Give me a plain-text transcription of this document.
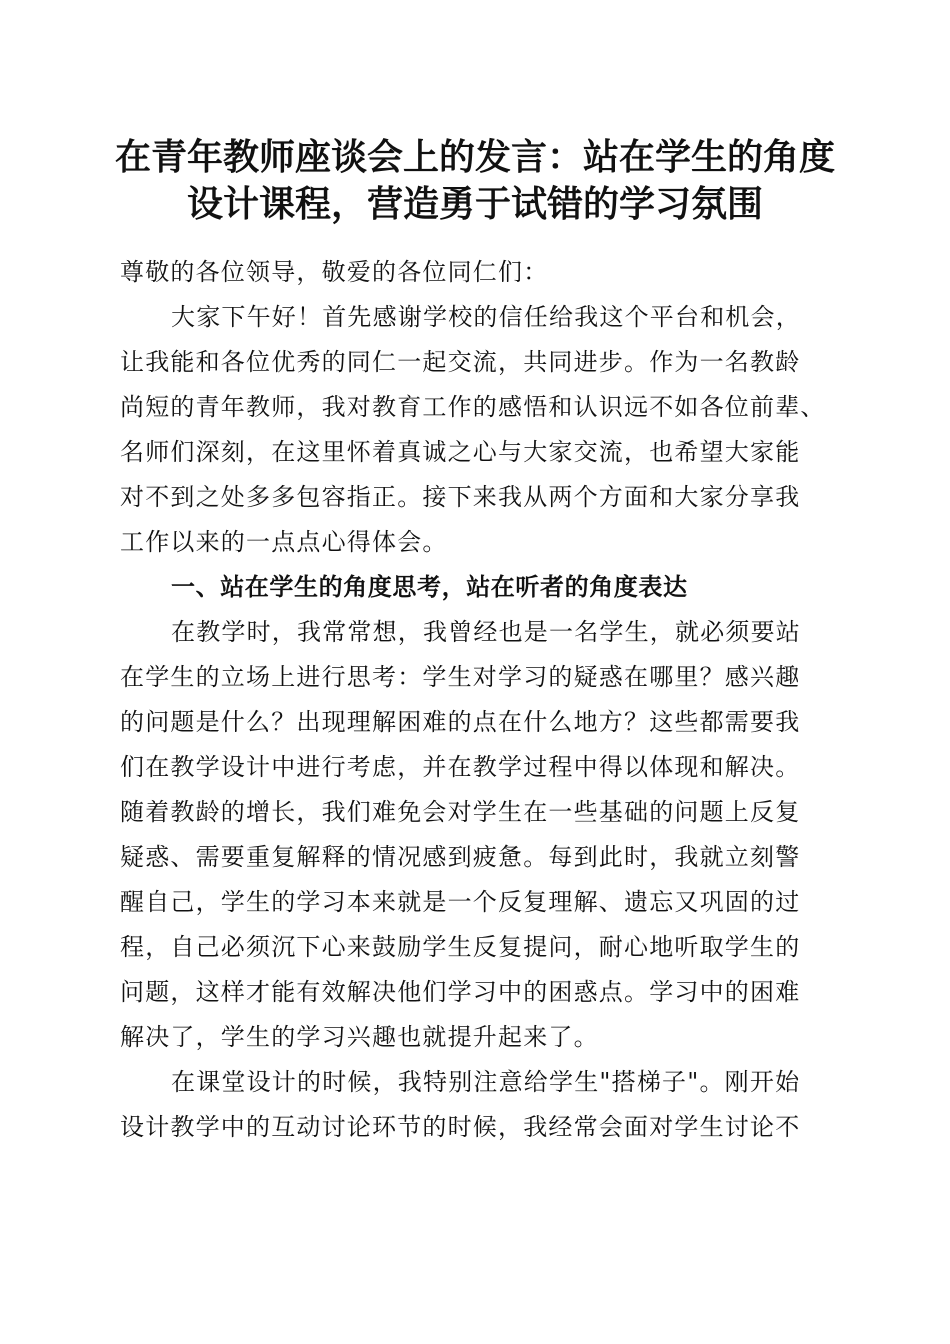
在青年教师座谈会上的发言：站在学生的角度
设计课程，营造勇于试错的学习氛围
尊敬的各位领导，敬爱的各位同仁们：
大家下午好！首先感谢学校的信任给我这个平台和机会，
让我能和各位优秀的同仁一起交流，共同进步。作为一名教龄
尚短的青年教师，我对教育工作的感悟和认识远不如各位前辈、
名师们深刻，在这里怀着真诚之心与大家交流，也希望大家能
对不到之处多多包容指正。接下来我从两个方面和大家分享我
工作以来的一点点心得体会。
一、站在学生的角度思考，站在听者的角度表达
在教学时，我常常想，我曾经也是一名学生，就必须要站
在学生的立场上进行思考：学生对学习的疑惑在哪里？感兴趣
的问题是什么？出现理解困难的点在什么地方？这些都需要我
们在教学设计中进行考虑，并在教学过程中得以体现和解决。
随着教龄的增长，我们难免会对学生在一些基础的问题上反复
疑惑、需要重复解释的情况感到疲惫。每到此时，我就立刻警
醒自己，学生的学习本来就是一个反复理解、遗忘又巩固的过
程，自己必须沉下心来鼓励学生反复提问，耐心地听取学生的
问题，这样才能有效解决他们学习中的困惑点。学习中的困难
解决了，学生的学习兴趣也就提升起来了。
在课堂设计的时候，我特别注意给学生"搭梯子"。刚开始
设计教学中的互动讨论环节的时候，我经常会面对学生讨论不
